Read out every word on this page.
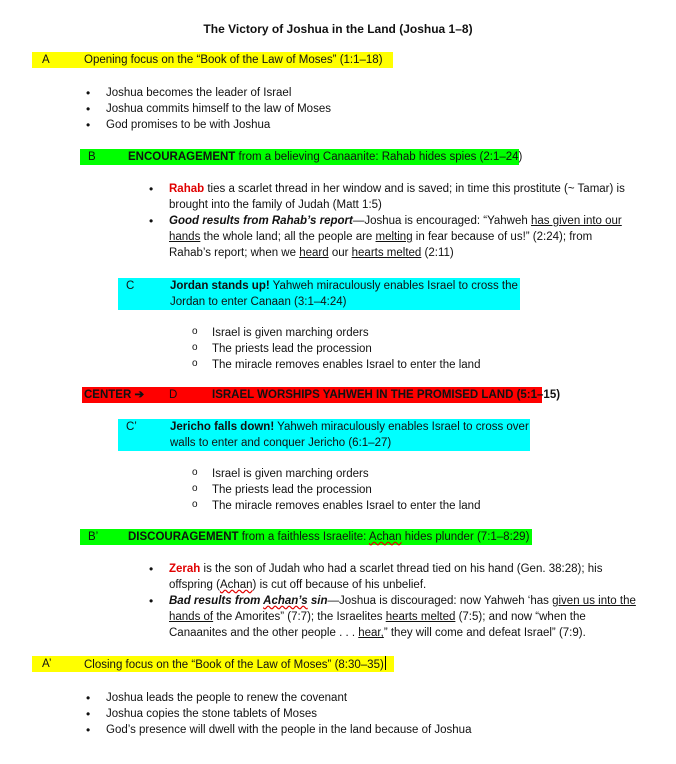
The Victory of Joshua in the Land (Joshua 1–8)
A	Opening focus on the “Book of the Law of Moses” (1:1–18)
• Joshua becomes the leader of Israel
• Joshua commits himself to the law of Moses
• God promises to be with Joshua
B	ENCOURAGEMENT from a believing Canaanite: Rahab hides spies (2:1–24)
• Rahab ties a scarlet thread in her window and is saved; in time this prostitute (~ Tamar) is
brought into the family of Judah (Matt 1:5)
• Good results from Rahab’s report—Joshua is encouraged: “Yahweh has given into our
hands the whole land; all the people are melting in fear because of us!” (2:24); from
Rahab’s report; when we heard our hearts melted (2:11)
C	Jordan stands up! Yahweh miraculously enables Israel to cross the
Jordan to enter Canaan (3:1–4:24)
o Israel is given marching orders
o The priests lead the procession
o The miracle removes enables Israel to enter the land
CENTER ➔ D	ISRAEL WORSHIPS YAHWEH IN THE PROMISED LAND (5:1–15)
C’	Jericho falls down! Yahweh miraculously enables Israel to cross over
walls to enter and conquer Jericho (6:1–27)
o Israel is given marching orders
o The priests lead the procession
o The miracle removes enables Israel to enter the land
B’	DISCOURAGEMENT from a faithless Israelite: Achan hides plunder (7:1–8:29)
• Zerah is the son of Judah who had a scarlet thread tied on his hand (Gen. 38:28); his
offspring (Achan) is cut off because of his unbelief.
• Bad results from Achan’s sin—Joshua is discouraged: now Yahweh ‘has given us into the
hands of the Amorites” (7:7); the Israelites hearts melted (7:5); and now “when the
Canaanites and the other people . . . hear,” they will come and defeat Israel” (7:9).
A’	Closing focus on the “Book of the Law of Moses” (8:30–35)
• Joshua leads the people to renew the covenant
• Joshua copies the stone tablets of Moses
• God’s presence will dwell with the people in the land because of Joshua
